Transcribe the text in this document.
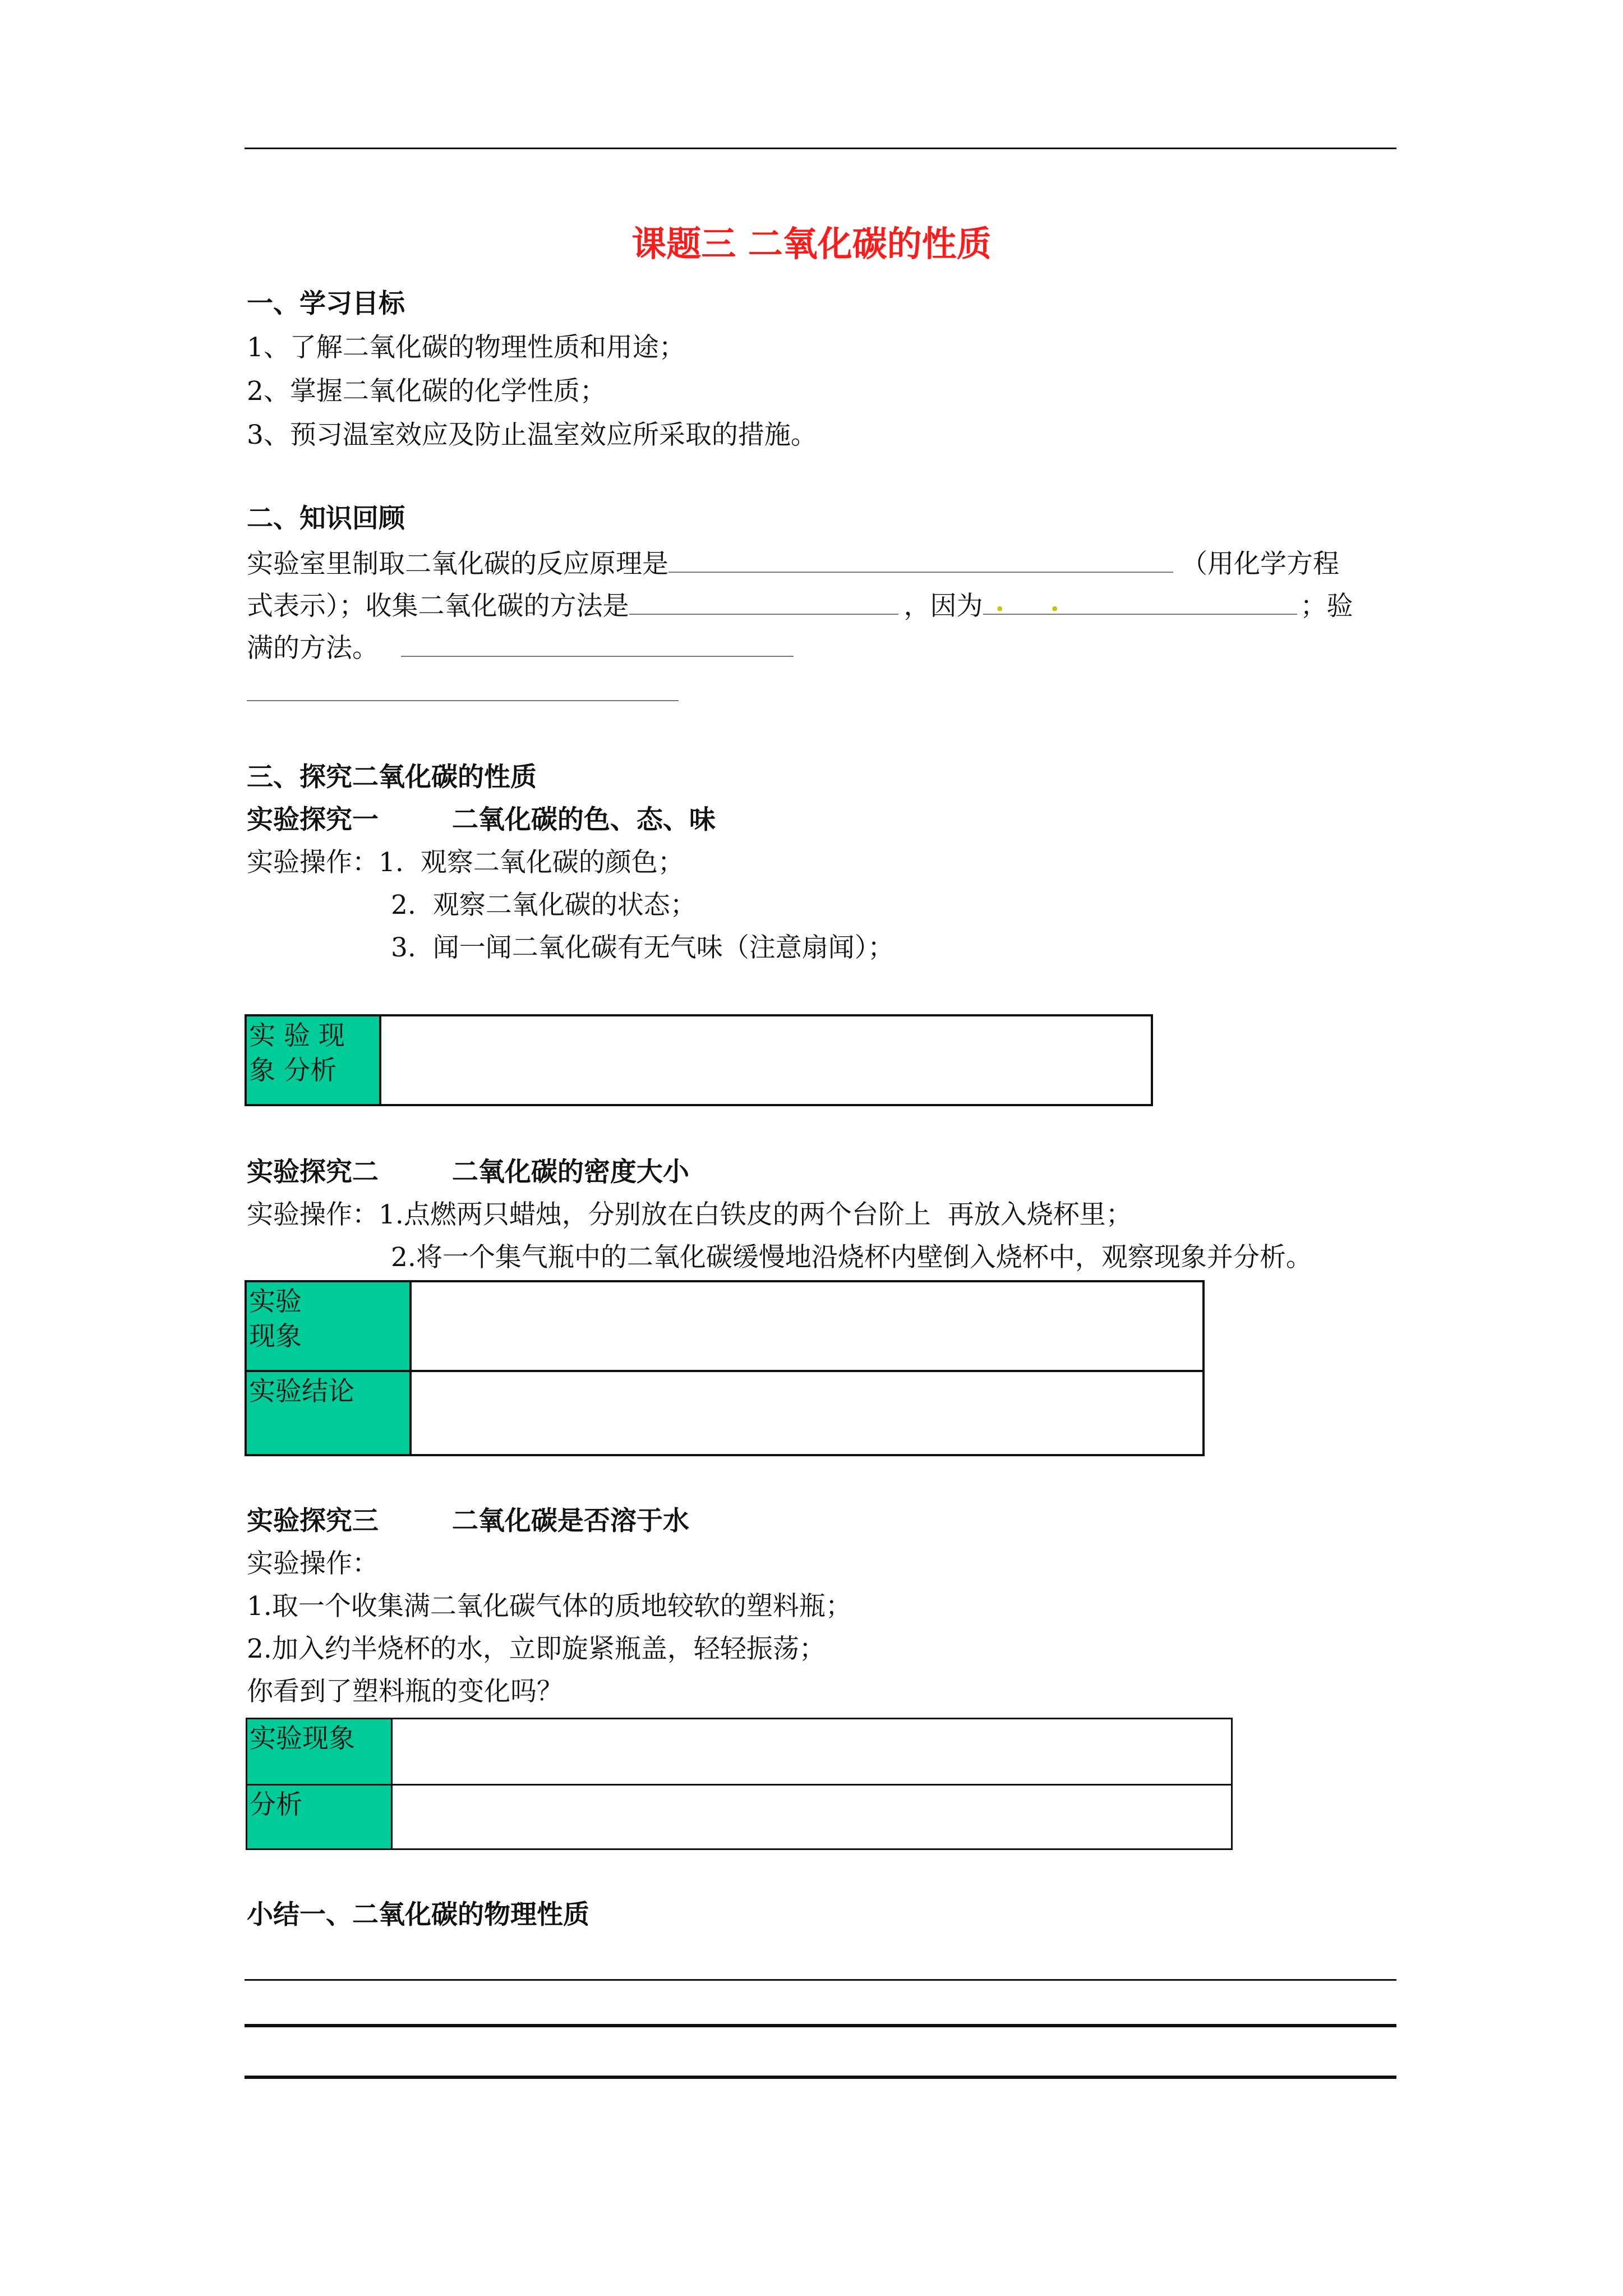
课题三 二氧化碳的性质
一、学习目标
1、了解二氧化碳的物理性质和用途；
2、掌握二氧化碳的化学性质；
3、预习温室效应及防止温室效应所采取的措施。
二、知识回顾
实验室里制取二氧化碳的反应原理是	（用化学方程
式表示）；收集二氧化碳的方法是	，因为 . .	；验
满的方法。
三、探究二氧化碳的性质
实验探究一        二氧化碳的色、态、味
实验操作： 1.  观察二氧化碳的颜色；
2.  观察二氧化碳的状态；
3.  闻一闻二氧化碳有无气味（注意扇闻）；
实 验 现 象 分析	
实验探究二        二氧化碳的密度大小
实验操作：1.点燃两只蜡烛，分别放在白铁皮的两个台阶上  再放入烧杯里；
2.将一个集气瓶中的二氧化碳缓慢地沿烧杯内壁倒入烧杯中，观察现象并分析。
实验 现象	

实验结论	
实验探究三        二氧化碳是否溶于水
实验操作：
1.取一个收集满二氧化碳气体的质地较软的塑料瓶；
2.加入约半烧杯的水，立即旋紧瓶盖，轻轻振荡；
你看到了塑料瓶的变化吗？
实验现象	
分析	
小结一、二氧化碳的物理性质
